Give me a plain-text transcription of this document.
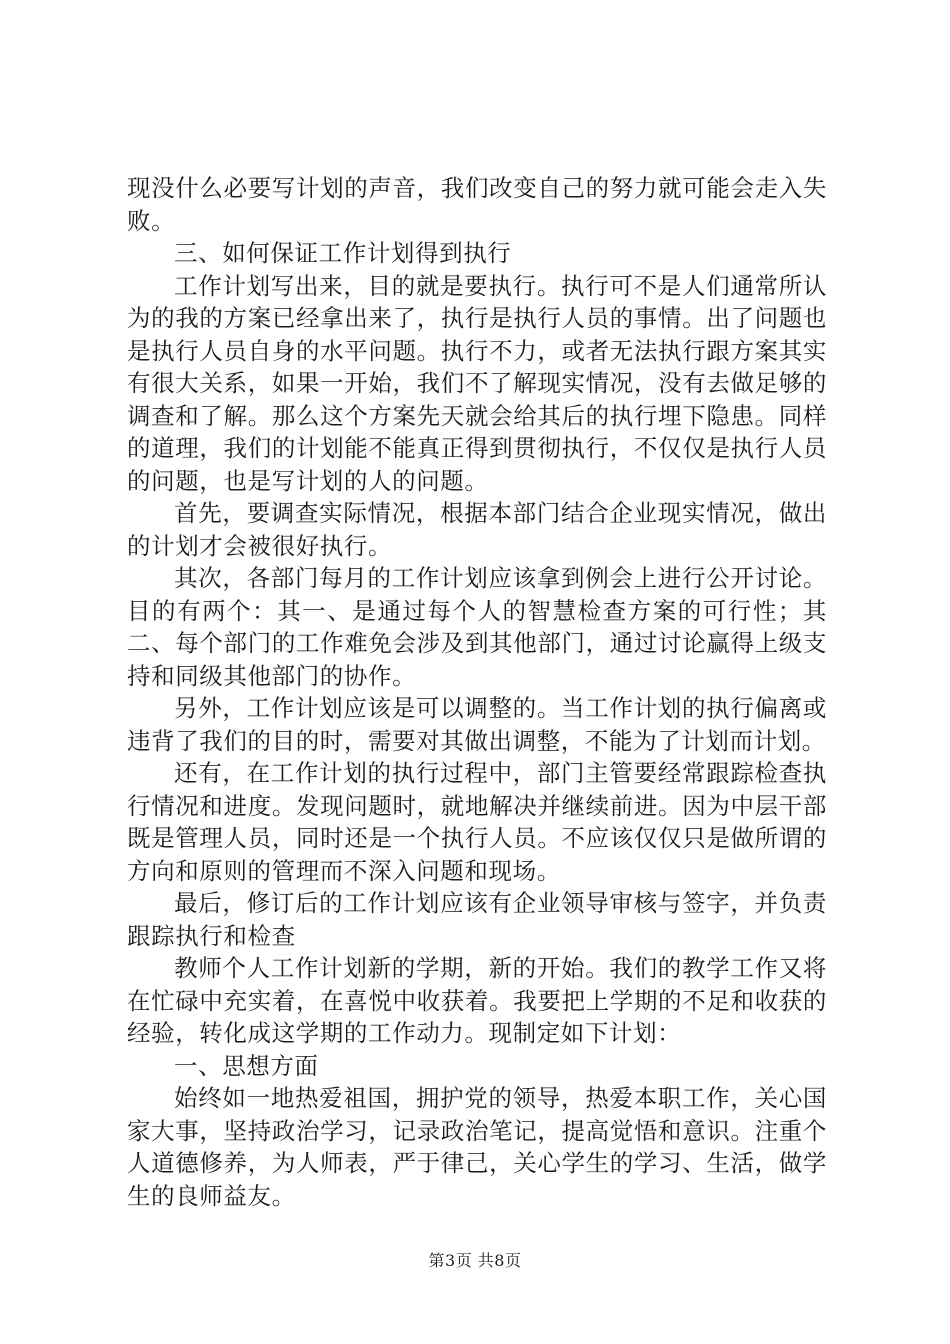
现没什么必要写计划的声音，我们改变自己的努力就可能会走入失败。

三、如何保证工作计划得到执行

工作计划写出来，目的就是要执行。执行可不是人们通常所认为的我的方案已经拿出来了，执行是执行人员的事情。出了问题也是执行人员自身的水平问题。执行不力，或者无法执行跟方案其实有很大关系，如果一开始，我们不了解现实情况，没有去做足够的调查和了解。那么这个方案先天就会给其后的执行埋下隐患。同样的道理，我们的计划能不能真正得到贯彻执行，不仅仅是执行人员的问题，也是写计划的人的问题。

首先，要调查实际情况，根据本部门结合企业现实情况，做出的计划才会被很好执行。

其次，各部门每月的工作计划应该拿到例会上进行公开讨论。目的有两个：其一、是通过每个人的智慧检查方案的可行性；其二、每个部门的工作难免会涉及到其他部门，通过讨论赢得上级支持和同级其他部门的协作。

另外，工作计划应该是可以调整的。当工作计划的执行偏离或违背了我们的目的时，需要对其做出调整，不能为了计划而计划。

还有，在工作计划的执行过程中，部门主管要经常跟踪检查执行情况和进度。发现问题时，就地解决并继续前进。因为中层干部既是管理人员，同时还是一个执行人员。不应该仅仅只是做所谓的方向和原则的管理而不深入问题和现场。

最后，修订后的工作计划应该有企业领导审核与签字，并负责跟踪执行和检查

教师个人工作计划新的学期，新的开始。我们的教学工作又将在忙碌中充实着，在喜悦中收获着。我要把上学期的不足和收获的经验，转化成这学期的工作动力。现制定如下计划：

一、思想方面

始终如一地热爱祖国，拥护党的领导，热爱本职工作，关心国家大事，坚持政治学习，记录政治笔记，提高觉悟和意识。注重个人道德修养，为人师表，严于律己，关心学生的学习、生活，做学生的良师益友。

第3页 共8页
